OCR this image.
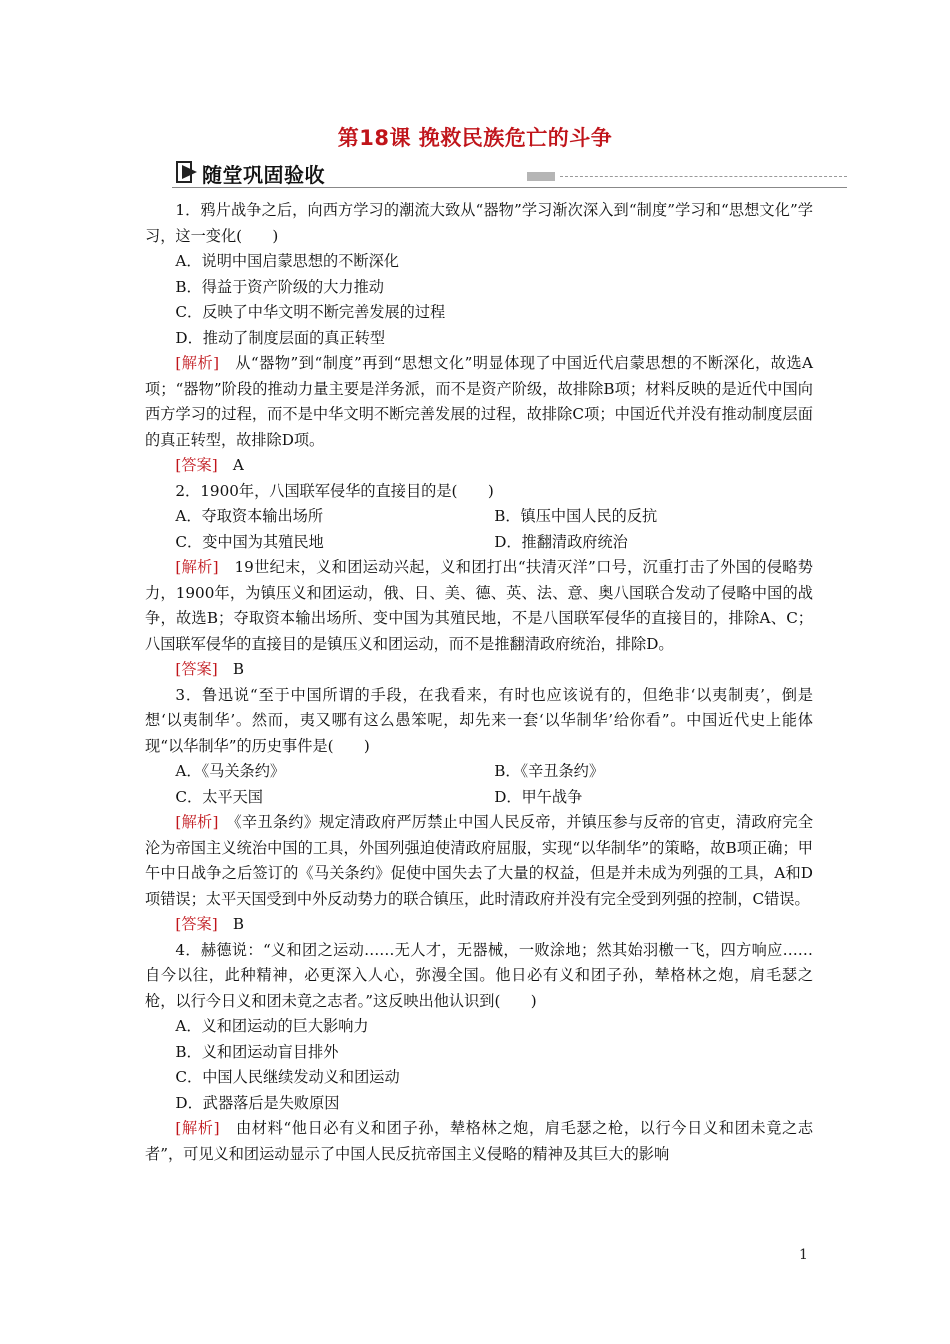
第18课 挽救民族危亡的斗争
随堂巩固验收

1．鸦片战争之后，向西方学习的潮流大致从“器物”学习渐次深入到“制度”学习和“思想文化”学习，这一变化(　　)

A．说明中国启蒙思想的不断深化

B．得益于资产阶级的大力推动

C．反映了中华文明不断完善发展的过程

D．推动了制度层面的真正转型

[解析]　 从“器物”到“制度”再到“思想文化”明显体现了中国近代启蒙思想的不断深化，故选A项；“器物”阶段的推动力量主要是洋务派，而不是资产阶级，故排除B项；材料反映的是近代中国向西方学习的过程，而不是中华文明不断完善发展的过程，故排除C项；中国近代并没有推动制度层面的真正转型，故排除D项。

[答案]　 A

2．1900年，八国联军侵华的直接目的是(　　)

A．夺取资本输出场所	B．镇压中国人民的反抗
C．变中国为其殖民地	D．推翻清政府统治

[解析]　 19世纪末，义和团运动兴起，义和团打出“扶清灭洋”口号，沉重打击了外国的侵略势力，1900年，为镇压义和团运动，俄、日、美、德、英、法、意、奥八国联合发动了侵略中国的战争，故选B；夺取资本输出场所、变中国为其殖民地，不是八国联军侵华的直接目的，排除A、C；八国联军侵华的直接目的是镇压义和团运动，而不是推翻清政府统治，排除D。

[答案]　 B

3．鲁迅说“至于中国所谓的手段，在我看来，有时也应该说有的，但绝非‘以夷制夷’，倒是想‘以夷制华’。然而，夷又哪有这么愚笨呢，却先来一套‘以华制华’给你看”。中国近代史上能体现“以华制华”的历史事件是(　　)

A．《马关条约》	B．《辛丑条约》
C．太平天国	D．甲午战争

[解析]　 《辛丑条约》规定清政府严厉禁止中国人民反帝，并镇压参与反帝的官吏，清政府完全沦为帝国主义统治中国的工具，外国列强迫使清政府屈服，实现“以华制华”的策略，故B项正确；甲午中日战争之后签订的《马关条约》促使中国失去了大量的权益，但是并未成为列强的工具，A和D项错误；太平天国受到中外反动势力的联合镇压，此时清政府并没有完全受到列强的控制，C错误。

[答案]　 B

4．赫德说：“义和团之运动……无人才，无器械，一败涂地；然其始羽檄一飞，四方响应……自今以往，此种精神，必更深入人心，弥漫全国。他日必有义和团子孙，辇格林之炮，肩毛瑟之枪，以行今日义和团未竟之志者。”这反映出他认识到(　　)

A．义和团运动的巨大影响力

B．义和团运动盲目排外

C．中国人民继续发动义和团运动

D．武器落后是失败原因

[解析]　 由材料“他日必有义和团子孙，辇格林之炮，肩毛瑟之枪，以行今日义和团未竟之志者”，可见义和团运动显示了中国人民反抗帝国主义侵略的精神及其巨大的影响

1
